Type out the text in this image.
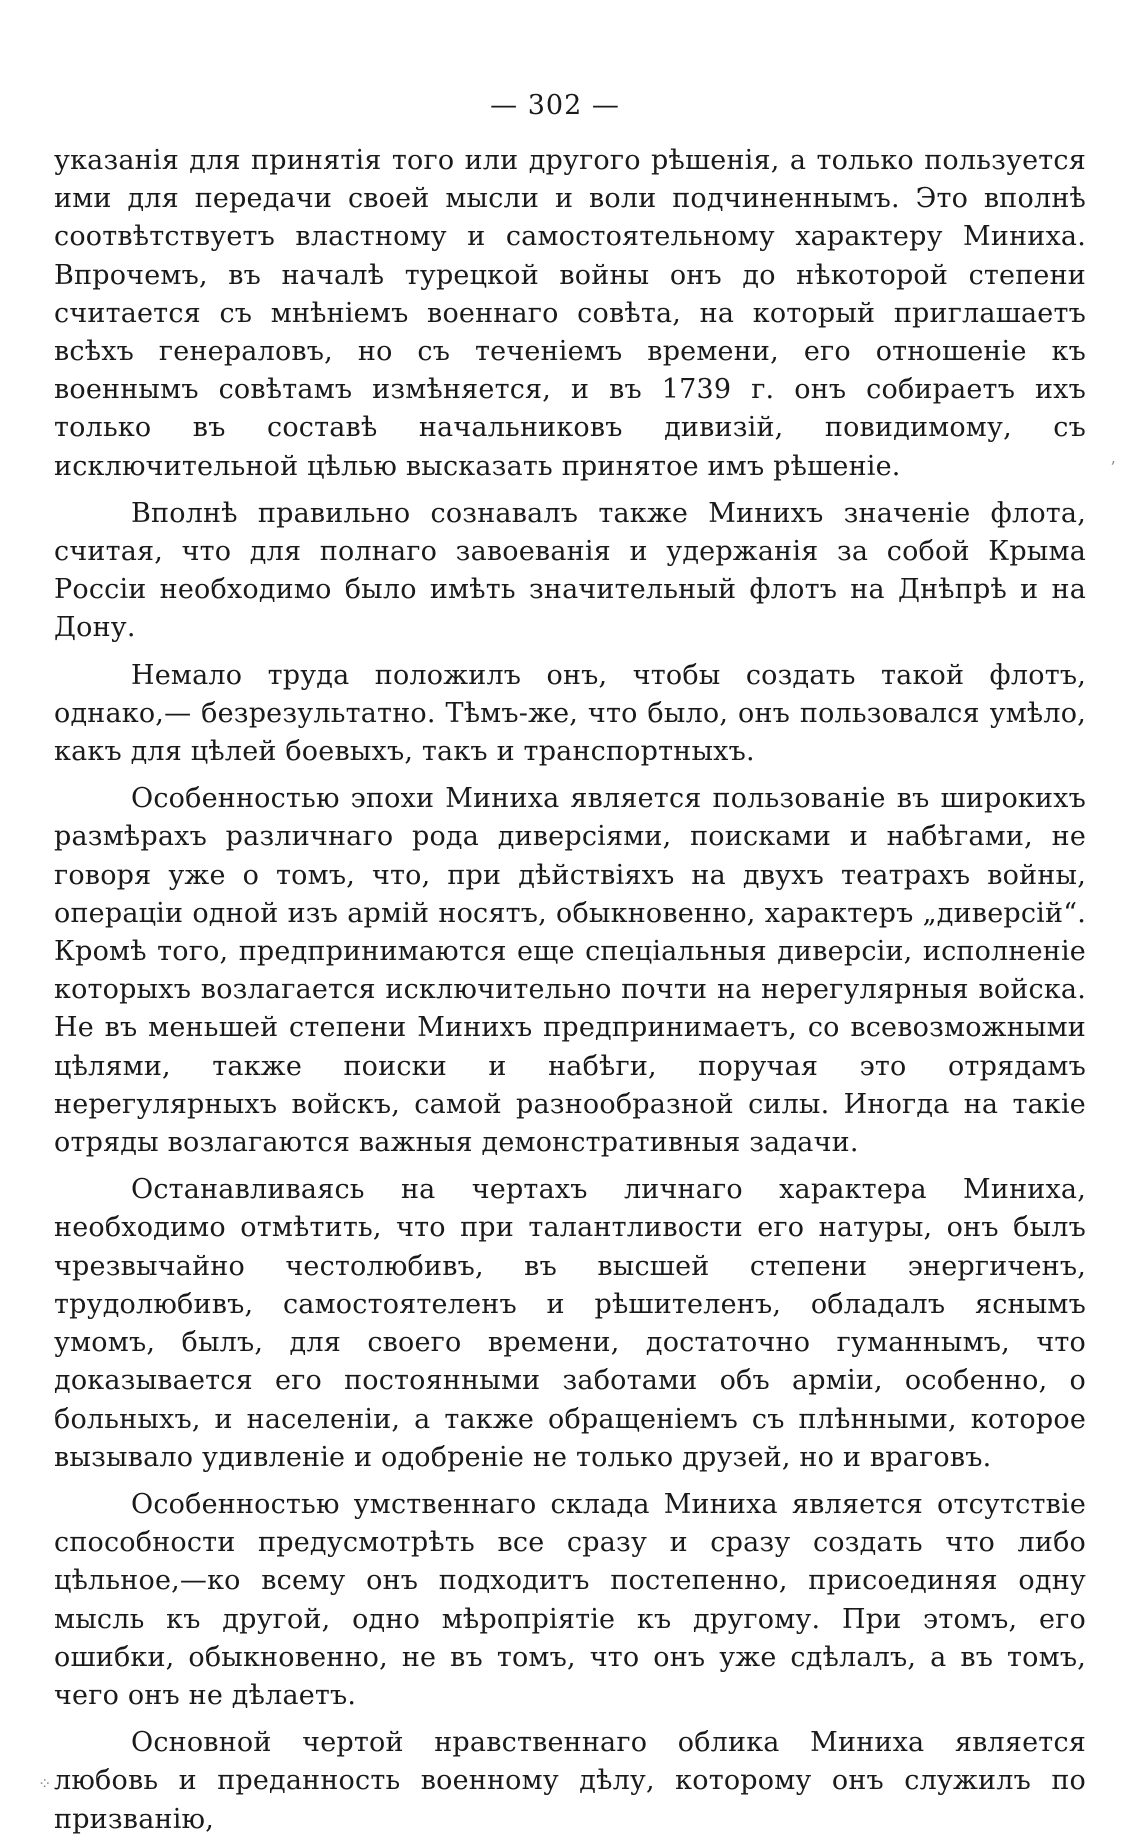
— 302 —

указанія для принятія того или другого рѣшенія, а только пользуется ими для передачи своей мысли и воли подчиненнымъ. Это вполнѣ соотвѣтствуетъ властному и самостоятельному характеру Миниха. Впрочемъ, въ началѣ турецкой войны онъ до нѣкоторой степени считается съ мнѣніемъ военнаго совѣта, на который приглашаетъ всѣхъ генераловъ, но съ теченіемъ времени, его отношеніе къ военнымъ совѣтамъ измѣняется, и въ 1739 г. онъ собираетъ ихъ только въ составѣ начальниковъ дивизій, повидимому, съ исключительной цѣлью высказать принятое имъ рѣшеніе.

Вполнѣ правильно сознавалъ также Минихъ значеніе флота, считая, что для полнаго завоеванія и удержанія за собой Крыма Россіи необходимо было имѣть значительный флотъ на Днѣпрѣ и на Дону.

Немало труда положилъ онъ, чтобы создать такой флотъ, однако,— безрезультатно. Тѣмъ-же, что было, онъ пользовался умѣло, какъ для цѣлей боевыхъ, такъ и транспортныхъ.

Особенностью эпохи Миниха является пользованіе въ широкихъ размѣрахъ различнаго рода диверсіями, поисками и набѣгами, не говоря уже о томъ, что, при дѣйствіяхъ на двухъ театрахъ войны, операціи одной изъ армій носятъ, обыкновенно, характеръ „диверсій“. Кромѣ того, предпринимаются еще спеціальныя диверсіи, исполненіе которыхъ возлагается исключительно почти на нерегулярныя войска. Не въ меньшей степени Минихъ предпринимаетъ, со всевозможными цѣлями, также поиски и набѣги, поручая это отрядамъ нерегулярныхъ войскъ, самой разнообразной силы. Иногда на такіе отряды возлагаются важныя демонстративныя задачи.

Останавливаясь на чертахъ личнаго характера Миниха, необходимо отмѣтить, что при талантливости его натуры, онъ былъ чрезвычайно честолюбивъ, въ высшей степени энергиченъ, трудолюбивъ, самостоятеленъ и рѣшителенъ, обладалъ яснымъ умомъ, былъ, для своего времени, достаточно гуманнымъ, что доказывается его постоянными заботами объ арміи, особенно, о больныхъ, и населеніи, а также обращеніемъ съ плѣнными, которое вызывало удивленіе и одобреніе не только друзей, но и враговъ.

Особенностью умственнаго склада Миниха является отсутствіе способности предусмотрѣть все сразу и сразу создать что либо цѣльное,—ко всему онъ подходитъ постепенно, присоединяя одну мысль къ другой, одно мѣропріятіе къ другому. При этомъ, его ошибки, обыкновенно, не въ томъ, что онъ уже сдѣлалъ, а въ томъ, чего онъ не дѣлаетъ.

Основной чертой нравственнаго облика Миниха является любовь и преданность военному дѣлу, которому онъ служилъ по призванію,

ʼ
⁘
